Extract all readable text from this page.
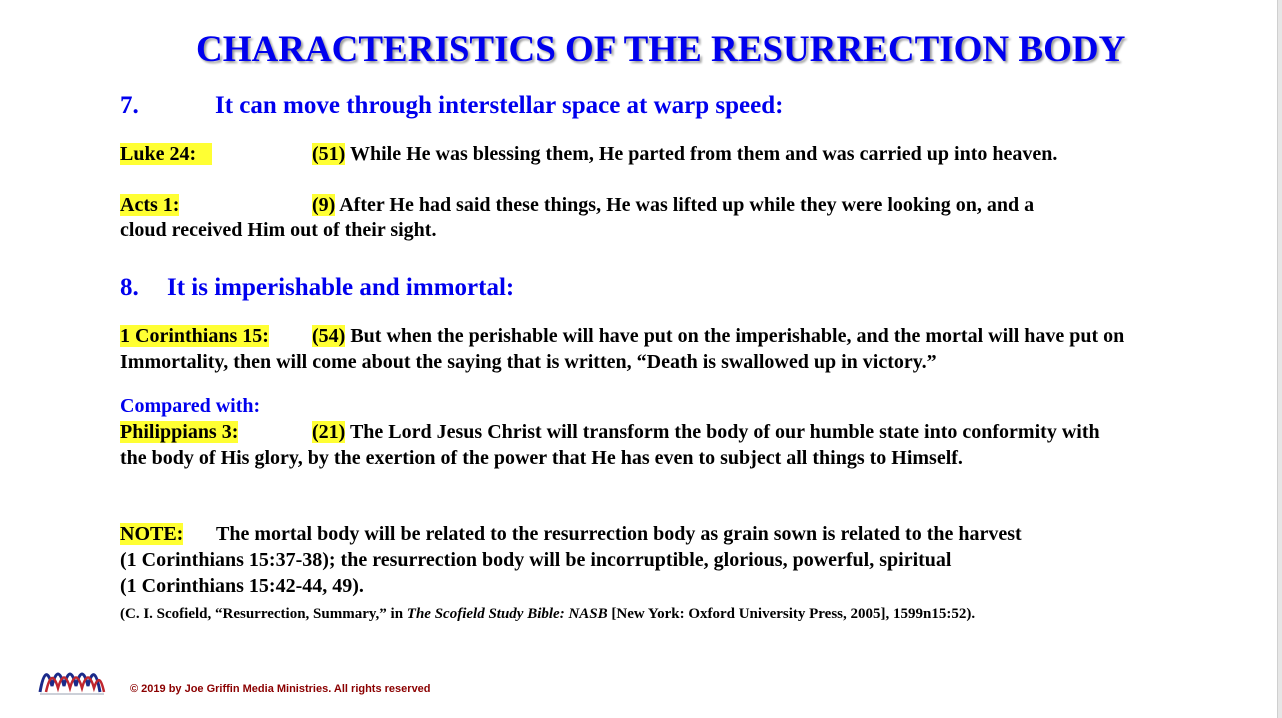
CHARACTERISTICS OF THE RESURRECTION BODY
7.	It can move through interstellar space at warp speed:
Luke 24:	(51) While He was blessing them, He parted from them and was carried up into heaven.
Acts 1:	(9) After He had said these things, He was lifted up while they were looking on, and a
cloud received Him out of their sight.
8. It is imperishable and immortal:
1 Corinthians 15: (54) But when the perishable will have put on the imperishable, and the mortal will have put on
Immortality, then will come about the saying that is written, “Death is swallowed up in victory.”
Compared with:
Philippians 3:	(21) The Lord Jesus Christ will transform the body of our humble state into conformity with
the body of His glory, by the exertion of the power that He has even to subject all things to Himself.
NOTE: The mortal body will be related to the resurrection body as grain sown is related to the harvest
(1 Corinthians 15:37-38); the resurrection body will be incorruptible, glorious, powerful, spiritual
(1 Corinthians 15:42-44, 49).
(C. I. Scofield, “Resurrection, Summary,” in The Scofield Study Bible: NASB [New York: Oxford University Press, 2005], 1599n15:52).
© 2019 by Joe Griffin Media Ministries. All rights reserved
